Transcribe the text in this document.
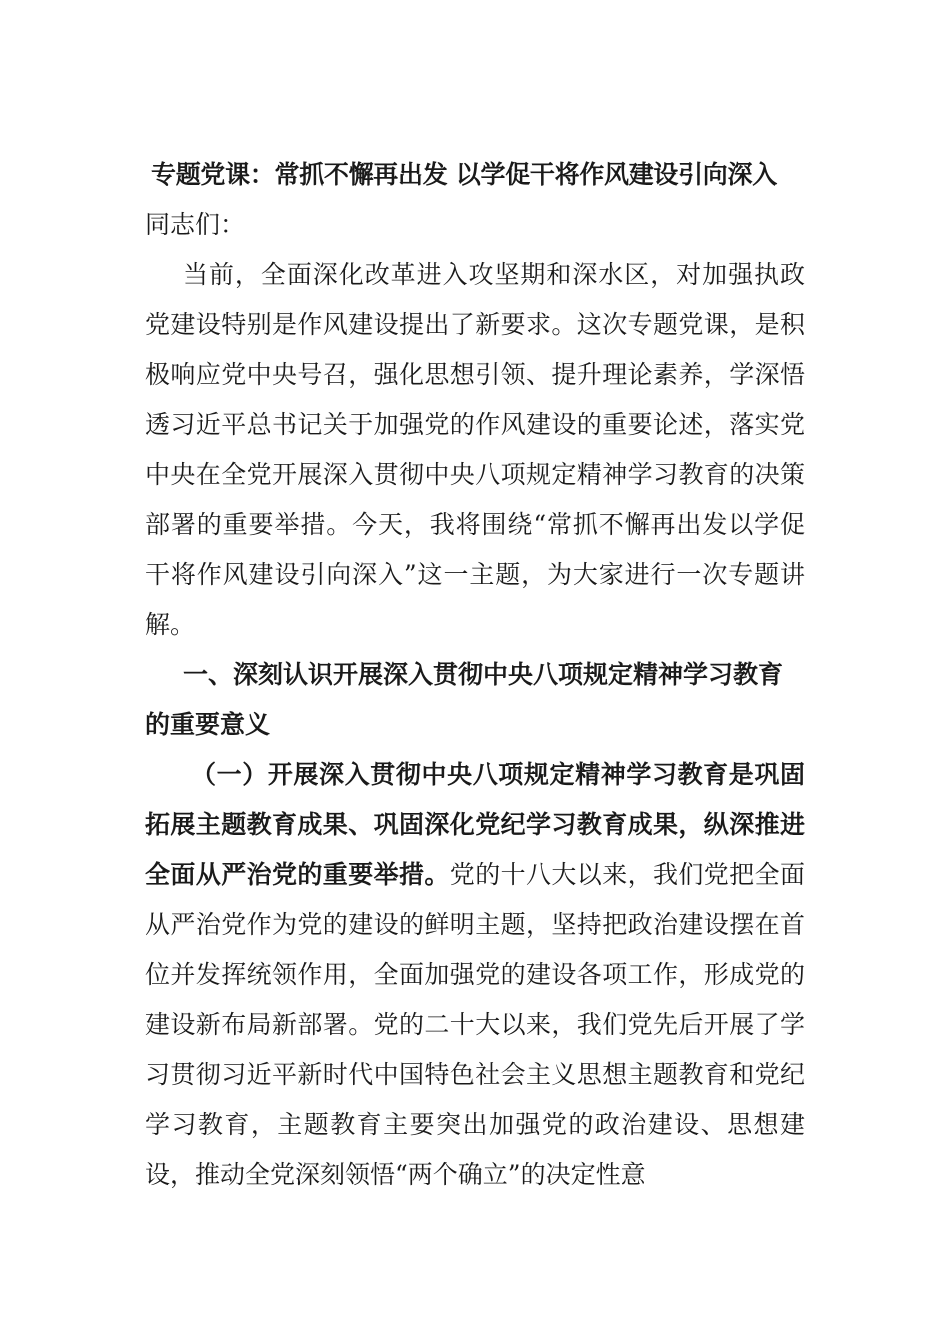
专题党课：常抓不懈再出发 以学促干将作风建设引向深入

同志们：

当前，全面深化改革进入攻坚期和深水区，对加强执政党建设特别是作风建设提出了新要求。这次专题党课，是积极响应党中央号召，强化思想引领、提升理论素养，学深悟透习近平总书记关于加强党的作风建设的重要论述，落实党中央在全党开展深入贯彻中央八项规定精神学习教育的决策部署的重要举措。今天，我将围绕“常抓不懈再出发以学促干将作风建设引向深入”这一主题，为大家进行一次专题讲解。

一、深刻认识开展深入贯彻中央八项规定精神学习教育的重要意义

（一）开展深入贯彻中央八项规定精神学习教育是巩固拓展主题教育成果、巩固深化党纪学习教育成果，纵深推进全面从严治党的重要举措。党的十八大以来，我们党把全面从严治党作为党的建设的鲜明主题，坚持把政治建设摆在首位并发挥统领作用，全面加强党的建设各项工作，形成党的建设新布局新部署。党的二十大以来，我们党先后开展了学习贯彻习近平新时代中国特色社会主义思想主题教育和党纪学习教育，主题教育主要突出加强党的政治建设、思想建设，推动全党深刻领悟“两个确立”的决定性意
